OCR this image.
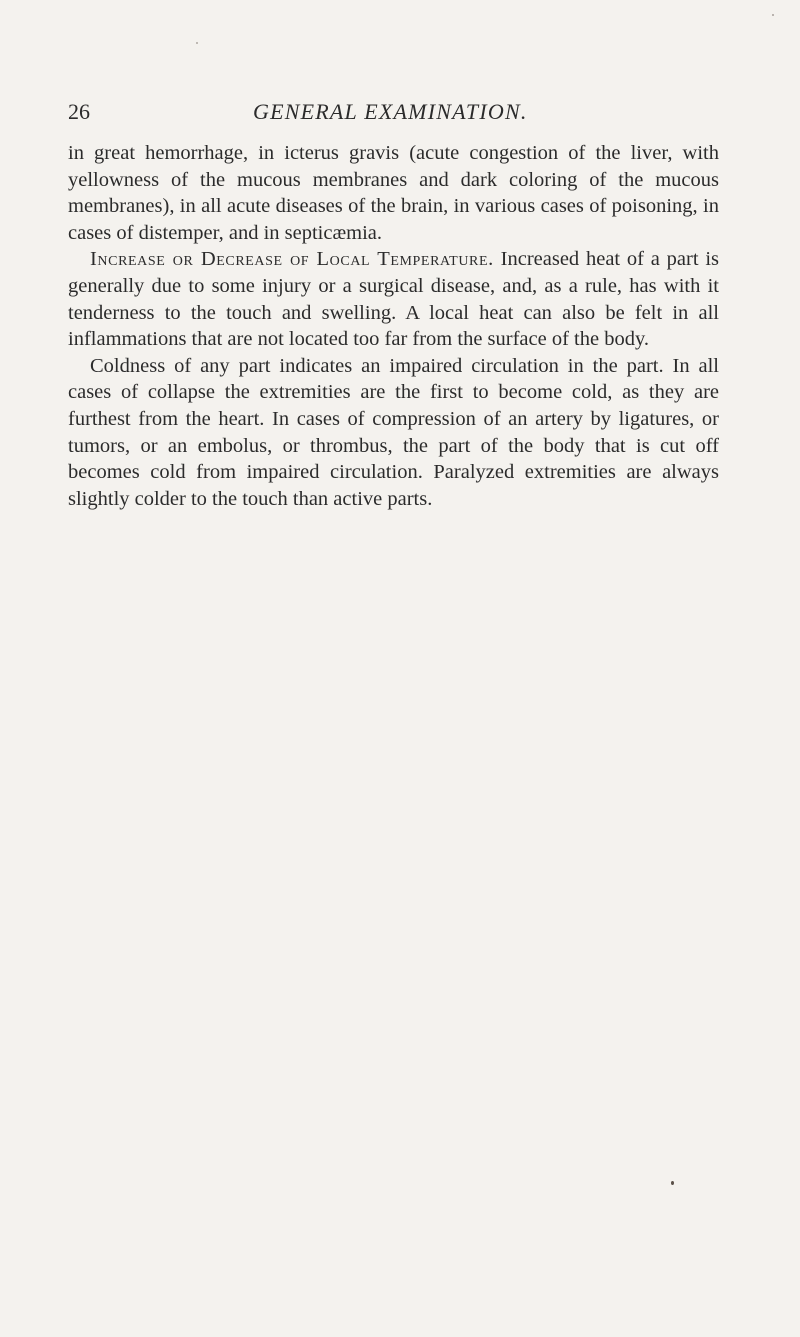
26	GENERAL EXAMINATION.

in great hemorrhage, in icterus gravis (acute congestion of the liver, with yellowness of the mucous membranes and dark coloring of the mucous membranes), in all acute diseases of the brain, in various cases of poisoning, in cases of distemper, and in septicæmia.

Increase or Decrease of Local Temperature. Increased heat of a part is generally due to some injury or a surgical disease, and, as a rule, has with it tenderness to the touch and swelling. A local heat can also be felt in all inflammations that are not located too far from the surface of the body.

Coldness of any part indicates an impaired circulation in the part. In all cases of collapse the extremities are the first to become cold, as they are furthest from the heart. In cases of compression of an artery by ligatures, or tumors, or an embolus, or thrombus, the part of the body that is cut off becomes cold from impaired circulation. Paralyzed extremities are always slightly colder to the touch than active parts.
